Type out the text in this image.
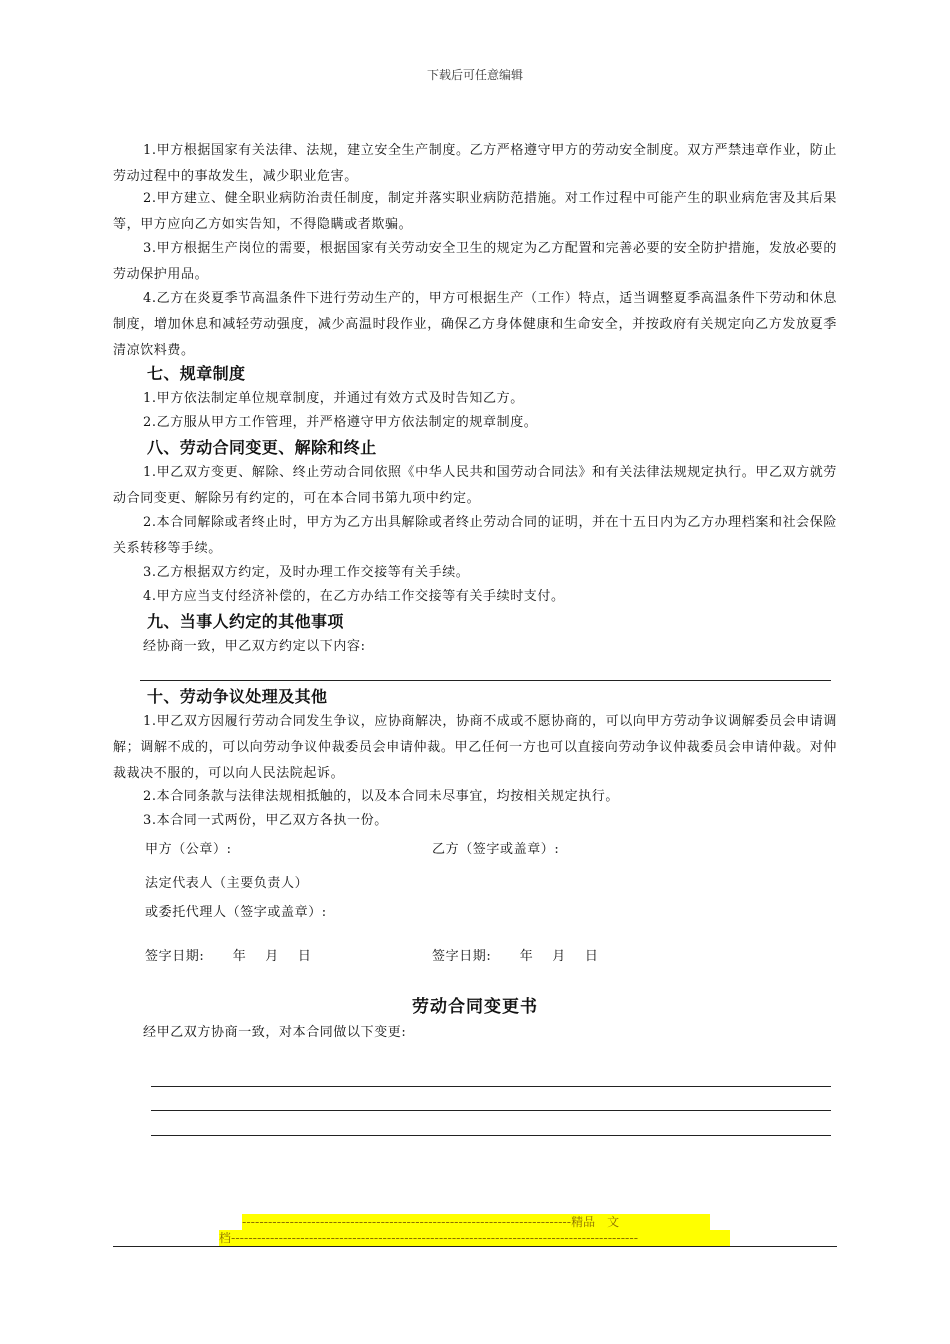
下载后可任意编辑

1.甲方根据国家有关法律、法规，建立安全生产制度。乙方严格遵守甲方的劳动安全制度。双方严禁违章作业，防止劳动过程中的事故发生，减少职业危害。

2.甲方建立、健全职业病防治责任制度，制定并落实职业病防范措施。对工作过程中可能产生的职业病危害及其后果等，甲方应向乙方如实告知，不得隐瞒或者欺骗。

3.甲方根据生产岗位的需要，根据国家有关劳动安全卫生的规定为乙方配置和完善必要的安全防护措施，发放必要的劳动保护用品。

4.乙方在炎夏季节高温条件下进行劳动生产的，甲方可根据生产（工作）特点，适当调整夏季高温条件下劳动和休息制度，增加休息和减轻劳动强度，减少高温时段作业，确保乙方身体健康和生命安全，并按政府有关规定向乙方发放夏季清凉饮料费。

七、规章制度

1.甲方依法制定单位规章制度，并通过有效方式及时告知乙方。

2.乙方服从甲方工作管理，并严格遵守甲方依法制定的规章制度。

八、劳动合同变更、解除和终止

1.甲乙双方变更、解除、终止劳动合同依照《中华人民共和国劳动合同法》和有关法律法规规定执行。甲乙双方就劳动合同变更、解除另有约定的，可在本合同书第九项中约定。

2.本合同解除或者终止时，甲方为乙方出具解除或者终止劳动合同的证明，并在十五日内为乙方办理档案和社会保险关系转移等手续。

3.乙方根据双方约定，及时办理工作交接等有关手续。

4.甲方应当支付经济补偿的，在乙方办结工作交接等有关手续时支付。

九、当事人约定的其他事项

经协商一致，甲乙双方约定以下内容:

十、劳动争议处理及其他

1.甲乙双方因履行劳动合同发生争议，应协商解决，协商不成或不愿协商的，可以向甲方劳动争议调解委员会申请调解；调解不成的，可以向劳动争议仲裁委员会申请仲裁。甲乙任何一方也可以直接向劳动争议仲裁委员会申请仲裁。对仲裁裁决不服的，可以向人民法院起诉。

2.本合同条款与法律法规相抵触的，以及本合同未尽事宜，均按相关规定执行。

3.本合同一式两份，甲乙双方各执一份。

甲方（公章）:	乙方（签字或盖章）:
法定代表人（主要负责人）
或委托代理人（签字或盖章）:
签字日期:      年    月    日	签字日期:      年    月    日
劳动合同变更书

经甲乙双方协商一致，对本合同做以下变更:

----------------------------------------------------------------------------精品　文
档----------------------------------------------------------------------------------------------
